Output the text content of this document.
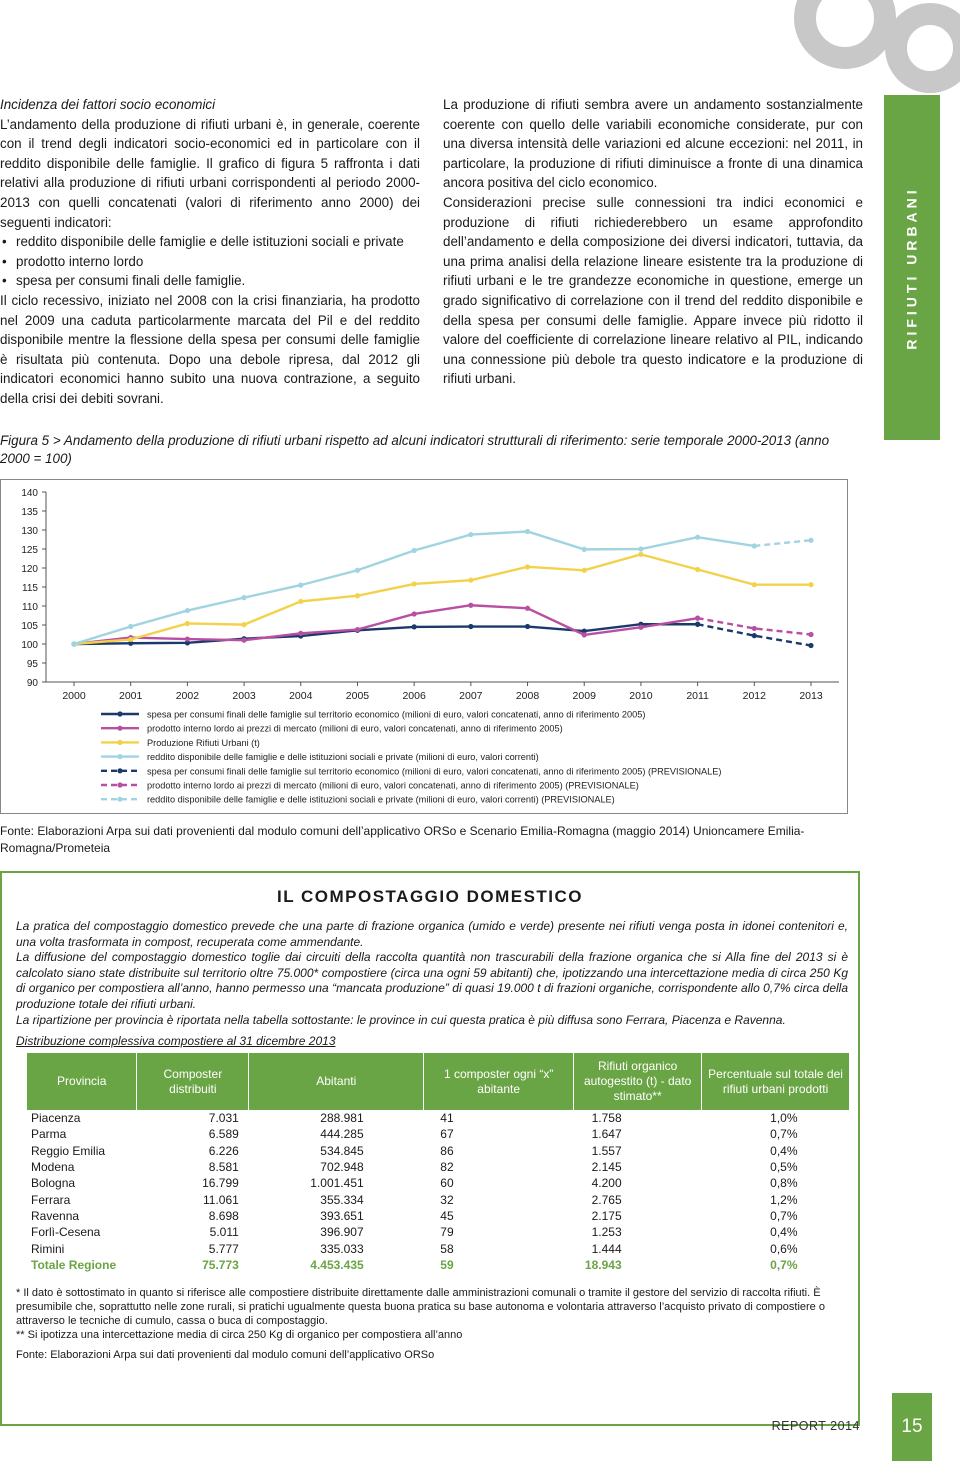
Incidenza dei fattori socio economici

L’andamento della produzione di rifiuti urbani è, in generale, coerente con il trend degli indicatori socio-economici ed in particolare con il reddito disponibile delle famiglie. Il grafico di figura 5 raffronta i dati relativi alla produzione di rifiuti urbani corrispondenti al periodo 2000-2013 con quelli concatenati (valori di riferimento anno 2000) dei seguenti indicatori:

• reddito disponibile delle famiglie e delle istituzioni sociali e private
• prodotto interno lordo
• spesa per consumi finali delle famiglie.

Il ciclo recessivo, iniziato nel 2008 con la crisi finanziaria, ha prodotto nel 2009 una caduta particolarmente marcata del Pil e del reddito disponibile mentre la flessione della spesa per consumi delle famiglie è risultata più contenuta. Dopo una debole ripresa, dal 2012 gli indicatori economici hanno subito una nuova contrazione, a seguito della crisi dei debiti sovrani.

La produzione di rifiuti sembra avere un andamento sostanzialmente coerente con quello delle variabili economiche considerate, pur con una diversa intensità delle variazioni ed alcune eccezioni: nel 2011, in particolare, la produzione di rifiuti diminuisce a fronte di una dinamica ancora positiva del ciclo economico.

Considerazioni precise sulle connessioni tra indici economici e produzione di rifiuti richiederebbero un esame approfondito dell’andamento e della composizione dei diversi indicatori, tuttavia, da una prima analisi della relazione lineare esistente tra la produzione di rifiuti urbani e le tre grandezze economiche in questione, emerge un grado significativo di correlazione con il trend del reddito disponibile e della spesa per consumi delle famiglie. Appare invece più ridotto il valore del coefficiente di correlazione lineare relativo al PIL, indicando una connessione più debole tra questo indicatore e la produzione di rifiuti urbani.

RIFIUTI URBANI

Figura 5 > Andamento della produzione di rifiuti urbani rispetto ad alcuni indicatori strutturali di riferimento: serie temporale 2000-2013 (anno 2000 = 100)

90
95
100
105
110
115
120
125
130
135
140
2000	2001	2002	2003	2004	2005	2006	2007	2008	2009	2010	2011	2012	2013
spesa per consumi finali delle famiglie sul territorio economico (milioni di euro, valori concatenati, anno di riferimento 2005)
prodotto interno lordo ai prezzi di mercato (milioni di euro, valori concatenati, anno di riferimento 2005)
Produzione Rifiuti Urbani (t)
reddito disponibile delle famiglie e delle istituzioni sociali e private (milioni di euro, valori correnti)
spesa per consumi finali delle famiglie sul territorio economico (milioni di euro, valori concatenati, anno di riferimento 2005) (PREVISIONALE)
prodotto interno lordo ai prezzi di mercato (milioni di euro, valori concatenati, anno di riferimento 2005) (PREVISIONALE)
reddito disponibile delle famiglie e delle istituzioni sociali e private (milioni di euro, valori correnti) (PREVISIONALE)

Fonte: Elaborazioni Arpa sui dati provenienti dal modulo comuni dell’applicativo ORSo e Scenario Emilia-Romagna (maggio 2014) Unioncamere Emilia-Romagna/Prometeia

IL COMPOSTAGGIO DOMESTICO

La pratica del compostaggio domestico prevede che una parte di frazione organica (umido e verde) presente nei rifiuti venga posta in idonei contenitori e, una volta trasformata in compost, recuperata come ammendante.

La diffusione del compostaggio domestico toglie dai circuiti della raccolta quantità non trascurabili della frazione organica che si Alla fine del 2013 si è calcolato siano state distribuite sul territorio oltre 75.000* compostiere (circa una ogni 59 abitanti) che, ipotizzando una intercettazione media di circa 250 Kg di organico per compostiera all’anno, hanno permesso una “mancata produzione” di quasi 19.000 t di frazioni organiche, corrispondente allo 0,7% circa della produzione totale dei rifiuti urbani.

La ripartizione per provincia è riportata nella tabella sottostante: le province in cui questa pratica è più diffusa sono Ferrara, Piacenza e Ravenna.

Distribuzione complessiva compostiere al 31 dicembre 2013
Provincia	Composter distribuiti	Abitanti	1 composter ogni “x” abitante	Rifiuti organico autogestito (t) - dato stimato**	Percentuale sul totale dei rifiuti urbani prodotti
Piacenza	7.031	288.981	41	1.758	1,0%
Parma	6.589	444.285	67	1.647	0,7%
Reggio Emilia	6.226	534.845	86	1.557	0,4%
Modena	8.581	702.948	82	2.145	0,5%
Bologna	16.799	1.001.451	60	4.200	0,8%
Ferrara	11.061	355.334	32	2.765	1,2%
Ravenna	8.698	393.651	45	2.175	0,7%
Forlì-Cesena	5.011	396.907	79	1.253	0,4%
Rimini	5.777	335.033	58	1.444	0,6%
Totale Regione	75.773	4.453.435	59	18.943	0,7%

* Il dato è sottostimato in quanto si riferisce alle compostiere distribuite direttamente dalle amministrazioni comunali o tramite il gestore del servizio di raccolta rifiuti. È presumibile che, soprattutto nelle zone rurali, si pratichi ugualmente questa buona pratica su base autonoma e volontaria attraverso l’acquisto privato di compostiere o attraverso le tecniche di cumulo, cassa o buca di compostaggio.

** Si ipotizza una intercettazione media di circa 250 Kg di organico per compostiera all’anno

Fonte: Elaborazioni Arpa sui dati provenienti dal modulo comuni dell’applicativo ORSo

REPORT 2014	15
